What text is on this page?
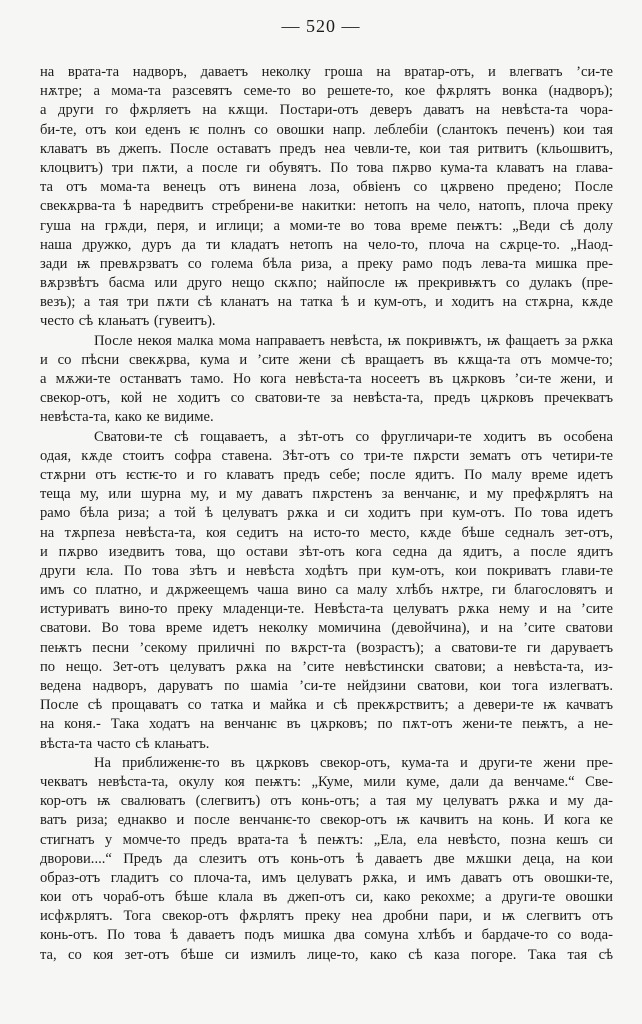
— 520 —
на врата-та надворъ, даваетъ неколку гроша на вратар-отъ, и влегватъ ’си-те
нѫтре; а мома-та разсевятъ семе-то во решете-то, кое фѫрлятъ вонка (надворъ);
а други го фѫрляетъ на кѫщи. Постари-отъ деверъ даватъ на невѣста-та чора-
би-те, отъ кои еденъ ѥ полнъ со овошки напр. леблебiи (слантокъ печенъ) кои тая
клаватъ въ джепъ. После оставатъ предъ неа чевли-те, кои тая ритвитъ (кльошвитъ,
клоцвитъ) три пѫти, а после ги обувятъ. По това пѫрво кума-та клаватъ на глава-
та отъ мома-та венецъ отъ винена лоза, обвiенъ со цѫрвено предено; После
свекѫрва-та ѣ наредвитъ стребрени-ве накитки: нетопъ на чело, натопъ, плоча преку
гуша на грѫди, перя, и иглици; а моми-те во това време пеѭтъ: „Веди сѣ долу
наша дружко, дуръ да ти кладатъ нетопъ на чело-то, плоча на сѫрце-то. „Наод-
зади ѭ превѫрзватъ со голема бѣла риза, а преку рамо подъ лева-та мишка пре-
вѫрзвѣтъ басма или друго нещо скѫпо; найпосле ѭ прекривѭтъ со дулакъ (пре-
везъ); а тая три пѫти сѣ кланатъ на татка ѣ и кум-отъ, и ходитъ на стѫрна, кѫде
често сѣ клањатъ (гувеитъ).
После некоя малка мома направаетъ невѣста, ѭ покривѭтъ, ѭ фащаетъ за рѫка
и со пѣсни свекѫрва, кума и ’сите жени сѣ вращаетъ въ кѫща-та отъ момче-то;
а мѫжи-те останватъ тамо. Но кога невѣста-та носеетъ въ цѫрковъ ’си-те жени, и
свекор-отъ, кой не ходитъ со сватови-те за невѣста-та, предъ цѫрковъ пречекватъ
невѣста-та, како ке видиме.
Сватови-те сѣ гощаваетъ, а зѣт-отъ со фругличари-те ходитъ въ особена
одая, кѫде стоитъ софра ставена. Зѣт-отъ со три-те пѫрсти зематъ отъ четири-те
стѫрни отъ ѥстѥ-то и го клаватъ предъ себе; после ядитъ. По малу време идетъ
теща му, или шурна му, и му даватъ пѫрстенъ за венчанѥ, и му префѫрлятъ на
рамо бѣла риза; а той ѣ целуватъ рѫка и си ходитъ при кум-отъ. По това идетъ
на тѫрпеза невѣста-та, коя седитъ на исто-то место, кѫде бѣше седналъ зет-отъ,
и пѫрво изедвитъ това, що остави зѣт-отъ кога седна да ядитъ, а после ядитъ
други ѥла. По това зѣтъ и невѣста ходѣтъ при кум-отъ, кои покриватъ глави-те
имъ со платно, и дѫржеещемъ чаша вино са малу хлѣбъ нѫтре, ги благословятъ и
истуриватъ вино-то преку младенци-те. Невѣста-та целуватъ рѫка нему и на ’сите
сватови. Во това време идетъ неколку момичина (девойчина), и на ’сите сватови
пеѭтъ песни ’секому приличнi по вѫрст-та (возрастъ); а сватови-те ги даруваетъ
по нещо. Зет-отъ целуватъ рѫка на ’сите невѣстински сватови; а невѣста-та, из-
ведена надворъ, даруватъ по шамiа ’си-те нейдзини сватови, кои тога излегватъ.
После сѣ прощаватъ со татка и майка и сѣ прекѫрствитъ; а девери-те ѭ качватъ
на коня.- Така ходатъ на венчанѥ въ цѫрковъ; по пѫт-отъ жени-те пеѭтъ, а не-
вѣста-та часто сѣ клањатъ.
На приближенѥ-то въ цѫрковъ свекор-отъ, кума-та и други-те жени пре-
чекватъ невѣста-та, окулу коя пеѭтъ: „Куме, мили куме, дали да венчаме.“ Све-
кор-отъ ѭ свалюватъ (слегвитъ) отъ конь-отъ; а тая му целуватъ рѫка и му да-
ватъ риза; еднакво и после венчанѥ-то свекор-отъ ѭ качвитъ на конь. И кога ке
стигнатъ у момче-то предъ врата-та ѣ пеѭтъ: „Ела, ела невѣсто, позна кешъ си
дворови....“ Предъ да слезитъ отъ конь-отъ ѣ даваетъ две мѫшки деца, на кои
образ-отъ гладитъ со плоча-та, имъ целуватъ рѫка, и имъ даватъ отъ овошки-те,
кои отъ чораб-отъ бѣше клала въ джеп-отъ си, како рекохме; а други-те овошки
исфѫрлятъ. Тога свекор-отъ фѫрлятъ преку неа дробни пари, и ѭ слегвитъ отъ
конь-отъ. По това ѣ даваетъ подъ мишка два сомуна хлѣбъ и бардаче-то со вода-
та, со коя зет-отъ бѣше си измилъ лице-то, како сѣ каза погоре. Така тая сѣ
